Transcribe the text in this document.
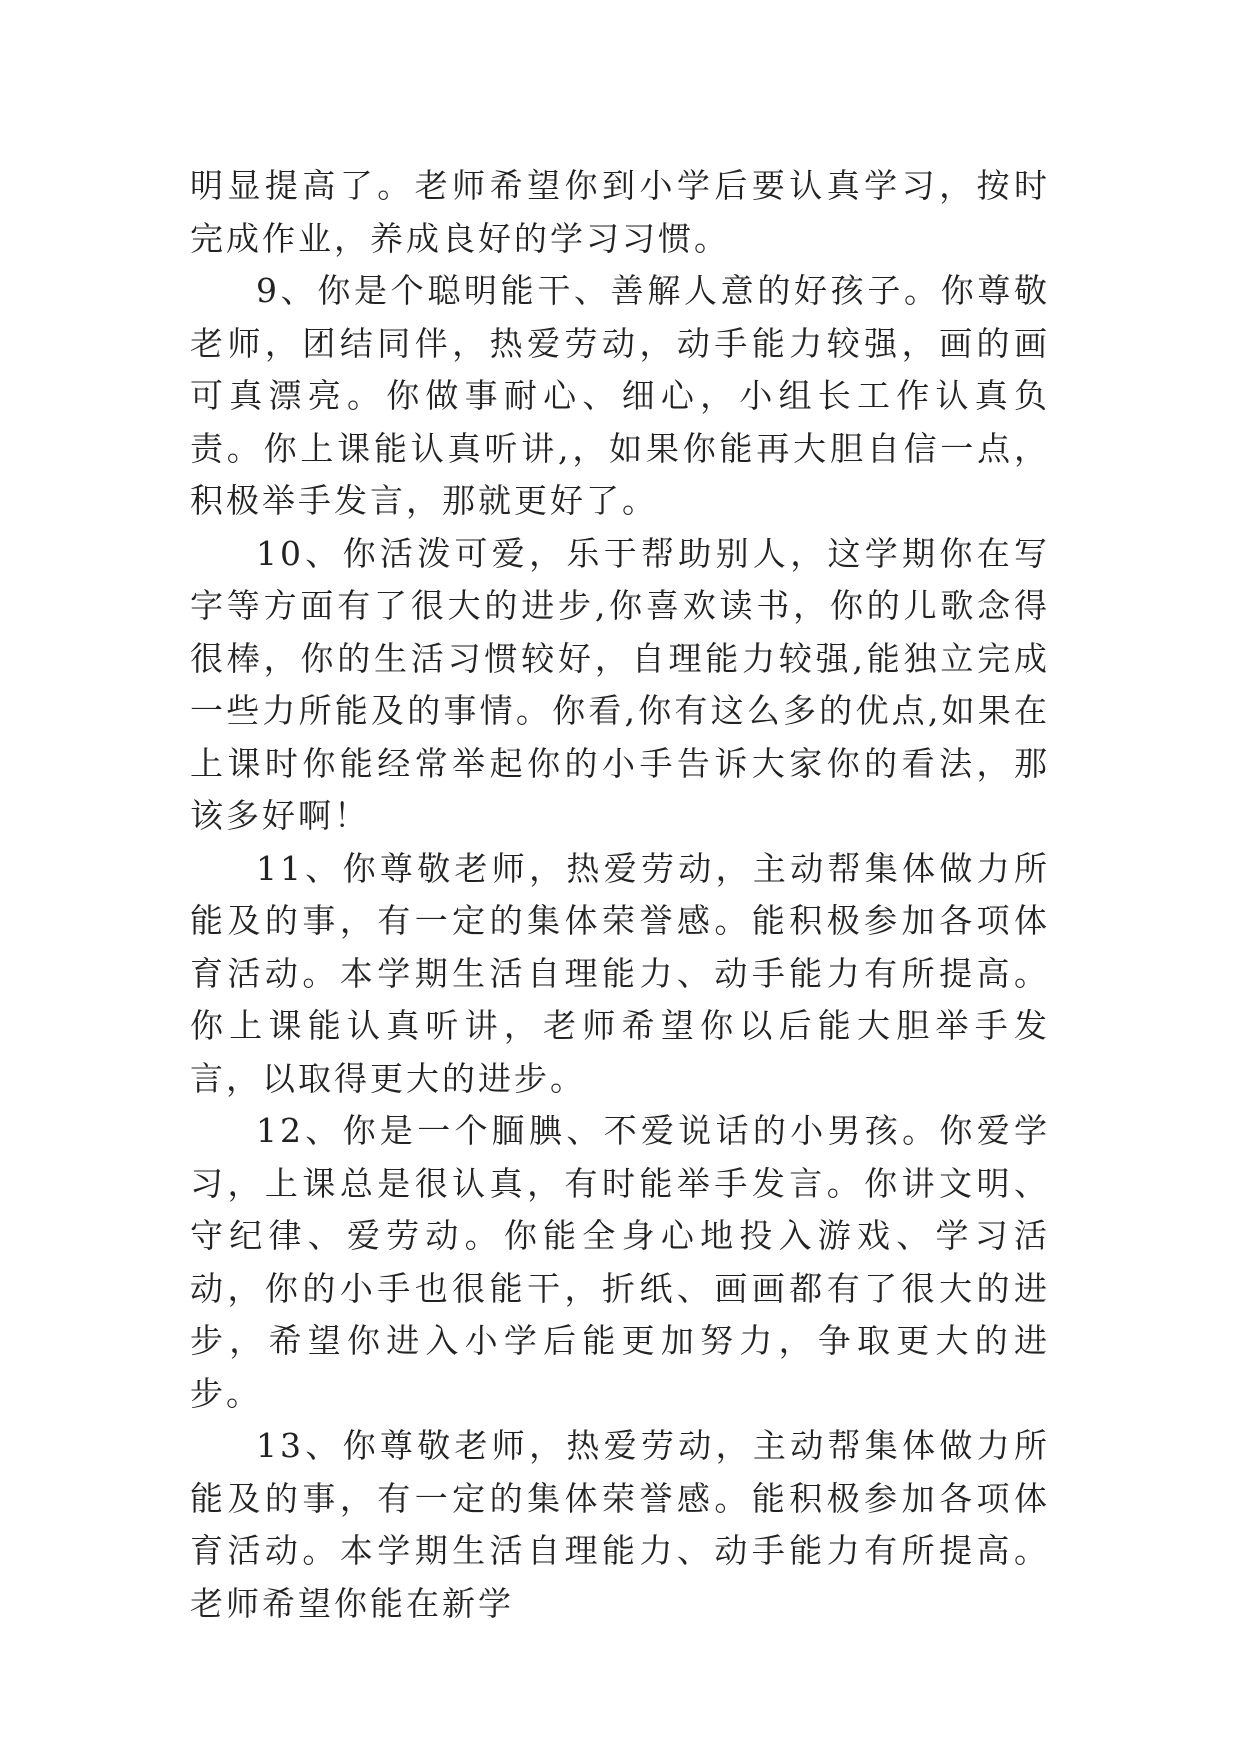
明显提高了。老师希望你到小学后要认真学习，按时完成作业，养成良好的学习习惯。

9、你是个聪明能干、善解人意的好孩子。你尊敬老师，团结同伴，热爱劳动，动手能力较强，画的画可真漂亮。你做事耐心、细心，小组长工作认真负责。你上课能认真听讲,，如果你能再大胆自信一点，积极举手发言，那就更好了。

10、你活泼可爱，乐于帮助别人，这学期你在写字等方面有了很大的进步,你喜欢读书，你的儿歌念得很棒，你的生活习惯较好，自理能力较强,能独立完成一些力所能及的事情。你看,你有这么多的优点,如果在上课时你能经常举起你的小手告诉大家你的看法，那该多好啊！

11、你尊敬老师，热爱劳动，主动帮集体做力所能及的事，有一定的集体荣誉感。能积极参加各项体育活动。本学期生活自理能力、动手能力有所提高。你上课能认真听讲，老师希望你以后能大胆举手发言，以取得更大的进步。

12、你是一个腼腆、不爱说话的小男孩。你爱学习，上课总是很认真，有时能举手发言。你讲文明、守纪律、爱劳动。你能全身心地投入游戏、学习活动，你的小手也很能干，折纸、画画都有了很大的进步，希望你进入小学后能更加努力，争取更大的进步。

13、你尊敬老师，热爱劳动，主动帮集体做力所能及的事，有一定的集体荣誉感。能积极参加各项体育活动。本学期生活自理能力、动手能力有所提高。老师希望你能在新学
